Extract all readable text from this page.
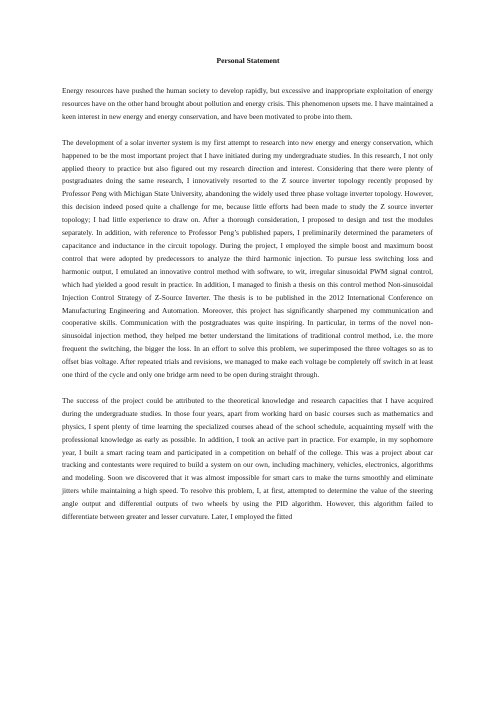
Personal Statement

Energy resources have pushed the human society to develop rapidly, but excessive and inappropriate exploitation of energy resources have on the other hand brought about pollution and energy crisis. This phenomenon upsets me. I have maintained a keen interest in new energy and energy conservation, and have been motivated to probe into them.

The development of a solar inverter system is my first attempt to research into new energy and energy conservation, which happened to be the most important project that I have initiated during my undergraduate studies. In this research, I not only applied theory to practice but also figured out my research direction and interest. Considering that there were plenty of postgraduates doing the same research, I innovatively resorted to the Z source inverter topology recently proposed by Professor Peng with Michigan State University, abandoning the widely used three phase voltage inverter topology. However, this decision indeed posed quite a challenge for me, because little efforts had been made to study the Z source inverter topology; I had little experience to draw on. After a thorough consideration, I proposed to design and test the modules separately. In addition, with reference to Professor Peng’s published papers, I preliminarily determined the parameters of capacitance and inductance in the circuit topology. During the project, I employed the simple boost and maximum boost control that were adopted by predecessors to analyze the third harmonic injection. To pursue less switching loss and harmonic output, I emulated an innovative control method with software, to wit, irregular sinusoidal PWM signal control, which had yielded a good result in practice. In addition, I managed to finish a thesis on this control method Non-sinusoidal Injection Control Strategy of Z-Source Inverter. The thesis is to be published in the 2012 International Conference on Manufacturing Engineering and Automation. Moreover, this project has significantly sharpened my communication and cooperative skills. Communication with the postgraduates was quite inspiring. In particular, in terms of the novel non-sinusoidal injection method, they helped me better understand the limitations of traditional control method, i.e. the more frequent the switching, the bigger the loss. In an effort to solve this problem, we superimposed the three voltages so as to offset bias voltage. After repeated trials and revisions, we managed to make each voltage be completely off switch in at least one third of the cycle and only one bridge arm need to be open during straight through.

The success of the project could be attributed to the theoretical knowledge and research capacities that I have acquired during the undergraduate studies. In those four years, apart from working hard on basic courses such as mathematics and physics, I spent plenty of time learning the specialized courses ahead of the school schedule, acquainting myself with the professional knowledge as early as possible. In addition, I took an active part in practice. For example, in my sophomore year, I built a smart racing team and participated in a competition on behalf of the college. This was a project about car tracking and contestants were required to build a system on our own, including machinery, vehicles, electronics, algorithms and modeling. Soon we discovered that it was almost impossible for smart cars to make the turns smoothly and eliminate jitters while maintaining a high speed. To resolve this problem, I, at first, attempted to determine the value of the steering angle output and differential outputs of two wheels by using the PID algorithm. However, this algorithm failed to differentiate between greater and lesser curvature. Later, I employed the fitted
